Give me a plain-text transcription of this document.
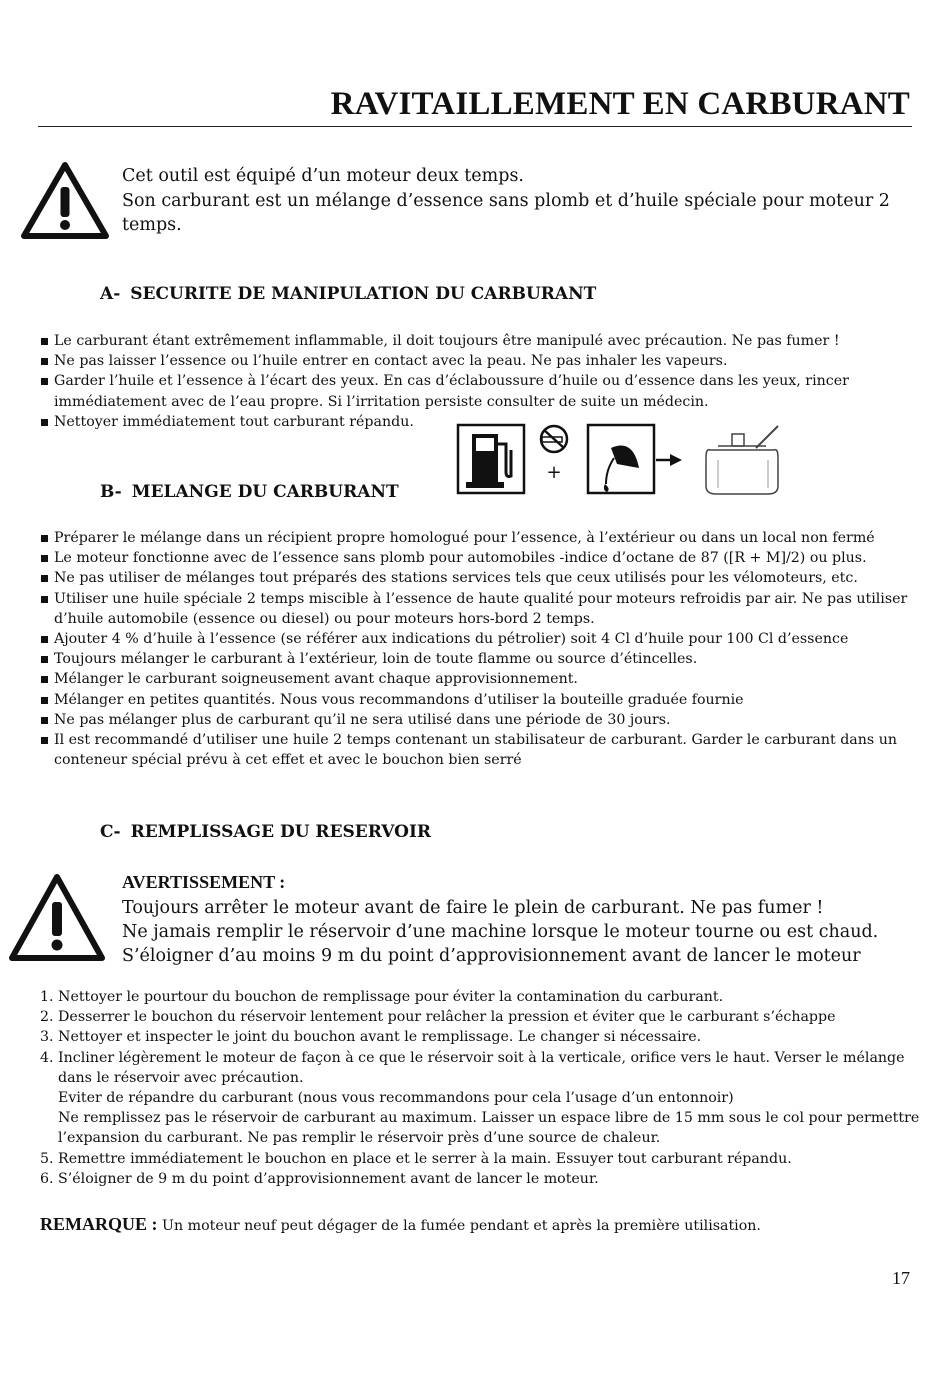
RAVITAILLEMENT EN CARBURANT

Cet outil est équipé d’un moteur deux temps.

Son carburant est un mélange d’essence sans plomb et d’huile spéciale pour moteur 2 temps.

A- SECURITE DE MANIPULATION DU CARBURANT
Le carburant étant extrêmement inflammable, il doit toujours être manipulé avec précaution. Ne pas fumer !
Ne pas laisser l’essence ou l’huile entrer en contact avec la peau. Ne pas inhaler les vapeurs.
Garder l’huile et l’essence à l’écart des yeux. En cas d’éclaboussure d’huile ou d’essence dans les yeux, rincer immédiatement avec de l’eau propre. Si l’irritation persiste consulter de suite un médecin.
Nettoyer immédiatement tout carburant répandu.
+
B- MELANGE DU CARBURANT
Préparer le mélange dans un récipient propre homologué pour l’essence, à l’extérieur ou dans un local non fermé
Le moteur fonctionne avec de l’essence sans plomb pour automobiles -indice d’octane de 87 ([R + M]/2) ou plus.
Ne pas utiliser de mélanges tout préparés des stations services tels que ceux utilisés pour les vélomoteurs, etc.
Utiliser une huile spéciale 2 temps miscible à l’essence de haute qualité pour moteurs refroidis par air. Ne pas utiliser d’huile automobile (essence ou diesel) ou pour moteurs hors-bord 2 temps.
Ajouter 4 % d’huile à l’essence (se référer aux indications du pétrolier) soit 4 Cl d’huile pour 100 Cl d’essence
Toujours mélanger le carburant à l’extérieur, loin de toute flamme ou source d’étincelles.
Mélanger le carburant soigneusement avant chaque approvisionnement.
Mélanger en petites quantités. Nous vous recommandons d’utiliser la bouteille graduée fournie
Ne pas mélanger plus de carburant qu’il ne sera utilisé dans une période de 30 jours.
Il est recommandé d’utiliser une huile 2 temps contenant un stabilisateur de carburant. Garder le carburant dans un conteneur spécial prévu à cet effet et avec le bouchon bien serré
C- REMPLISSAGE DU RESERVOIR

AVERTISSEMENT :

Toujours arrêter le moteur avant de faire le plein de carburant. Ne pas fumer !

Ne jamais remplir le réservoir d’une machine lorsque le moteur tourne ou est chaud.

S’éloigner d’au moins 9 m du point d’approvisionnement avant de lancer le moteur

1. Nettoyer le pourtour du bouchon de remplissage pour éviter la contamination du carburant.
2. Desserrer le bouchon du réservoir lentement pour relâcher la pression et éviter que le carburant s’échappe
3. Nettoyer et inspecter le joint du bouchon avant le remplissage. Le changer si nécessaire.
4. Incliner légèrement le moteur de façon à ce que le réservoir soit à la verticale, orifice vers le haut. Verser le mélange dans le réservoir avec précaution.
Eviter de répandre du carburant (nous vous recommandons pour cela l’usage d’un entonnoir)
Ne remplissez pas le réservoir de carburant au maximum. Laisser un espace libre de 15 mm sous le col pour permettre l’expansion du carburant. Ne pas remplir le réservoir près d’une source de chaleur.
5. Remettre immédiatement le bouchon en place et le serrer à la main. Essuyer tout carburant répandu.
6. S’éloigner de 9 m du point d’approvisionnement avant de lancer le moteur.
REMARQUE : Un moteur neuf peut dégager de la fumée pendant et après la première utilisation.
17
